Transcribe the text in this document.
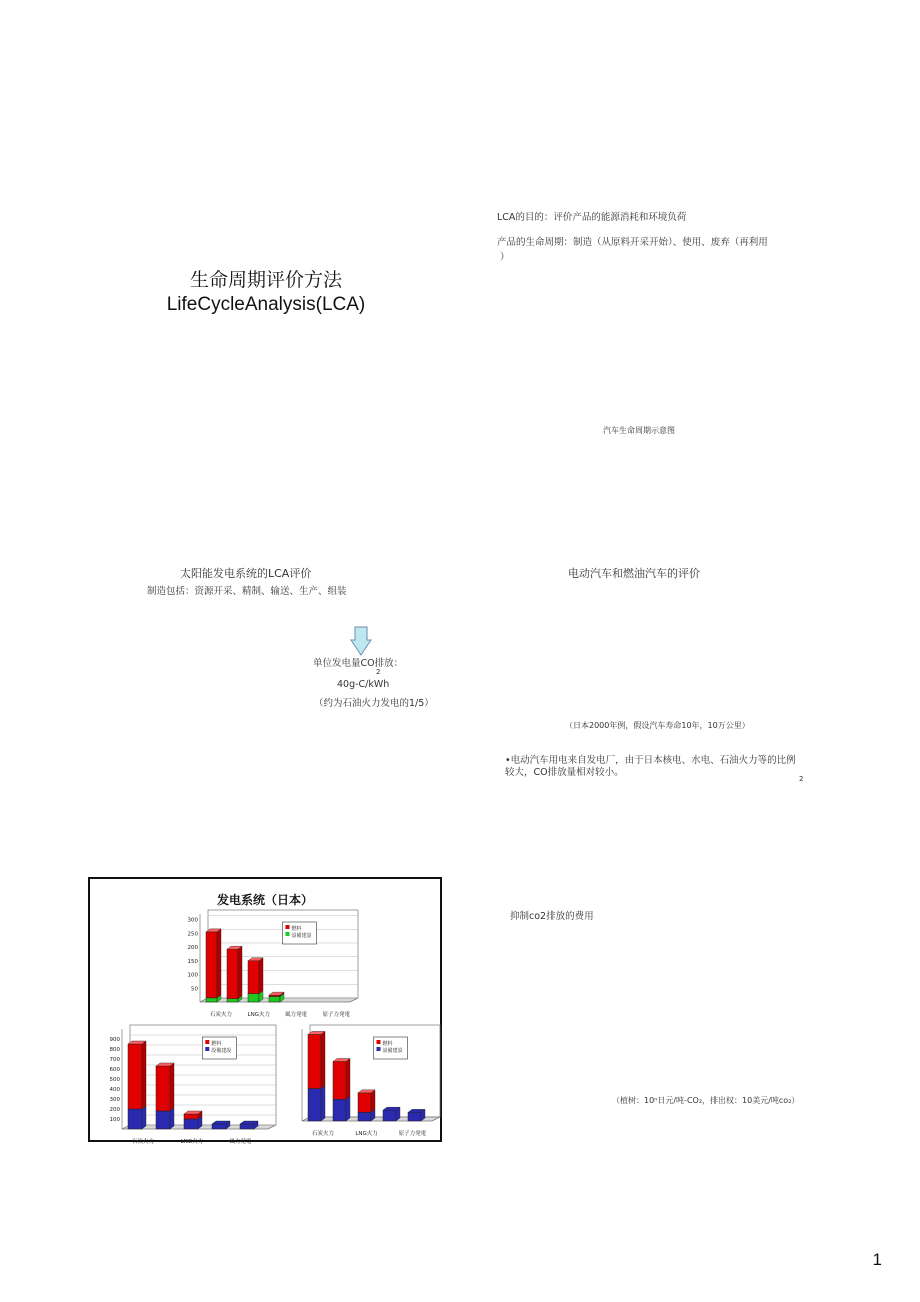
生命周期评价方法
LifeCycleAnalysis(LCA)
LCA的目的：评价产品的能源消耗和环境负荷
产品的生命周期：制造（从原料开采开始）、使用、废弃（再利用
）
汽车生命周期示意图
太阳能发电系统的LCA评价
制造包括：资源开采、精制、输送、生产、组装
单位发电量CO排放：
2
40g-C/kWh
（约为石油火力发电的1/5）
电动汽车和燃油汽车的评价
（日本2000年例，假设汽车寿命10年，10万公里）
•电动汽车用电来自发电厂，由于日本核电、水电、石油火力等的比例
较大，CO排放量相对较小。
2
发电系统（日本）
50
100
150
200
250
300
石炭火力	LNG火力	風力発電	原子力発電
燃料
設備建設
100
200
300
400
500
600
700
800
900
石炭火力	LNG火力	風力発電
燃料
設備建設
石炭火力	LNG火力	原子力発電
燃料
設備建設
抑制co2排放的费用
（植树：10ⁿ日元/吨-CO₂，排出权：10美元/吨co₂）
1
